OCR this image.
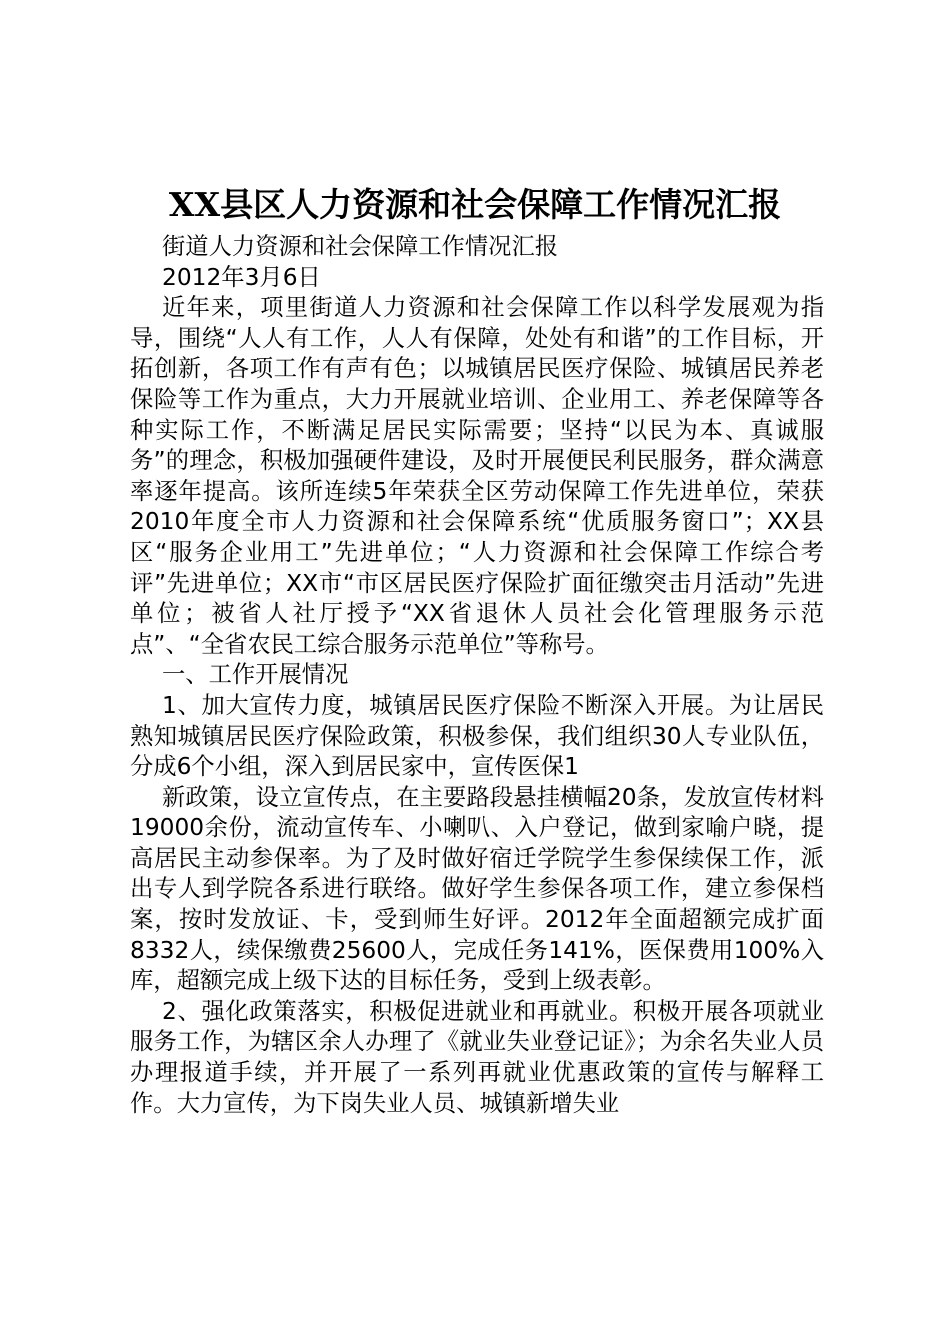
XX县区人力资源和社会保障工作情况汇报

街道人力资源和社会保障工作情况汇报

2012年3月6日

近年来，项里街道人力资源和社会保障工作以科学发展观为指导，围绕“人人有工作，人人有保障，处处有和谐”的工作目标，开拓创新，各项工作有声有色；以城镇居民医疗保险、城镇居民养老保险等工作为重点，大力开展就业培训、企业用工、养老保障等各种实际工作，不断满足居民实际需要；坚持“以民为本、真诚服务”的理念，积极加强硬件建设，及时开展便民利民服务，群众满意率逐年提高。该所连续5年荣获全区劳动保障工作先进单位，荣获2010年度全市人力资源和社会保障系统“优质服务窗口”；XX县区“服务企业用工”先进单位；“人力资源和社会保障工作综合考评”先进单位；XX市“市区居民医疗保险扩面征缴突击月活动”先进单位；被省人社厅授予“XX省退休人员社会化管理服务示范点”、“全省农民工综合服务示范单位”等称号。

一、工作开展情况

1、加大宣传力度，城镇居民医疗保险不断深入开展。为让居民熟知城镇居民医疗保险政策，积极参保，我们组织30人专业队伍，分成6个小组，深入到居民家中，宣传医保1

新政策，设立宣传点，在主要路段悬挂横幅20条，发放宣传材料19000余份，流动宣传车、小喇叭、入户登记，做到家喻户晓，提高居民主动参保率。为了及时做好宿迁学院学生参保续保工作，派出专人到学院各系进行联络。做好学生参保各项工作，建立参保档案，按时发放证、卡，受到师生好评。2012年全面超额完成扩面8332人，续保缴费25600人，完成任务141%，医保费用100%入库，超额完成上级下达的目标任务，受到上级表彰。

2、强化政策落实，积极促进就业和再就业。积极开展各项就业服务工作，为辖区余人办理了《就业失业登记证》；为余名失业人员办理报道手续，并开展了一系列再就业优惠政策的宣传与解释工作。大力宣传，为下岗失业人员、城镇新增失业
